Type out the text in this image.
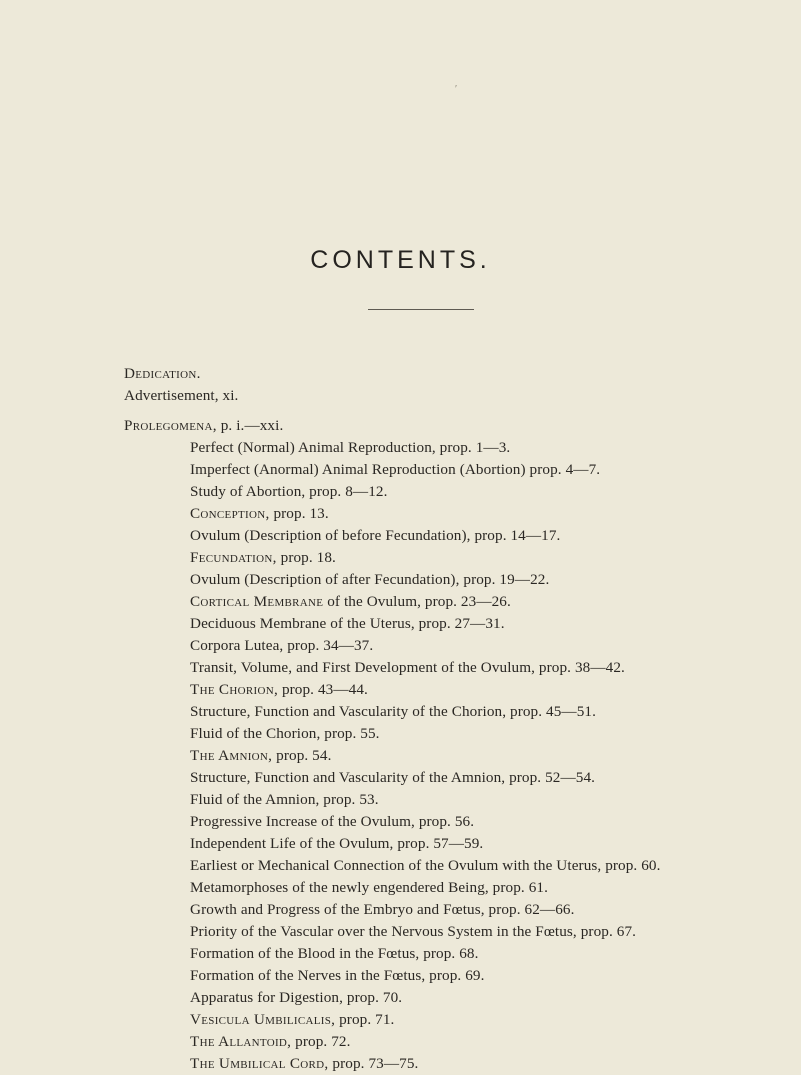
′
CONTENTS.
Dedication.
Advertisement, xi.
Prolegomena, p. i.—xxi.
Perfect (Normal) Animal Reproduction, prop. 1—3.
Imperfect (Anormal) Animal Reproduction (Abortion) prop. 4—7.
Study of Abortion, prop. 8—12.
Conception, prop. 13.
Ovulum (Description of before Fecundation), prop. 14—17.
Fecundation, prop. 18.
Ovulum (Description of after Fecundation), prop. 19—22.
Cortical Membrane of the Ovulum, prop. 23—26.
Deciduous Membrane of the Uterus, prop. 27—31.
Corpora Lutea, prop. 34—37.
Transit, Volume, and First Development of the Ovulum, prop. 38—42.
The Chorion, prop. 43—44.
Structure, Function and Vascularity of the Chorion, prop. 45—51.
Fluid of the Chorion, prop. 55.
The Amnion, prop. 54.
Structure, Function and Vascularity of the Amnion, prop. 52—54.
Fluid of the Amnion, prop. 53.
Progressive Increase of the Ovulum, prop. 56.
Independent Life of the Ovulum, prop. 57—59.
Earliest or Mechanical Connection of the Ovulum with the Uterus, prop. 60.
Metamorphoses of the newly engendered Being, prop. 61.
Growth and Progress of the Embryo and Fœtus, prop. 62—66.
Priority of the Vascular over the Nervous System in the Fœtus, prop. 67.
Formation of the Blood in the Fœtus, prop. 68.
Formation of the Nerves in the Fœtus, prop. 69.
Apparatus for Digestion, prop. 70.
Vesicula Umbilicalis, prop. 71.
The Allantoid, prop. 72.
The Umbilical Cord, prop. 73—75.
